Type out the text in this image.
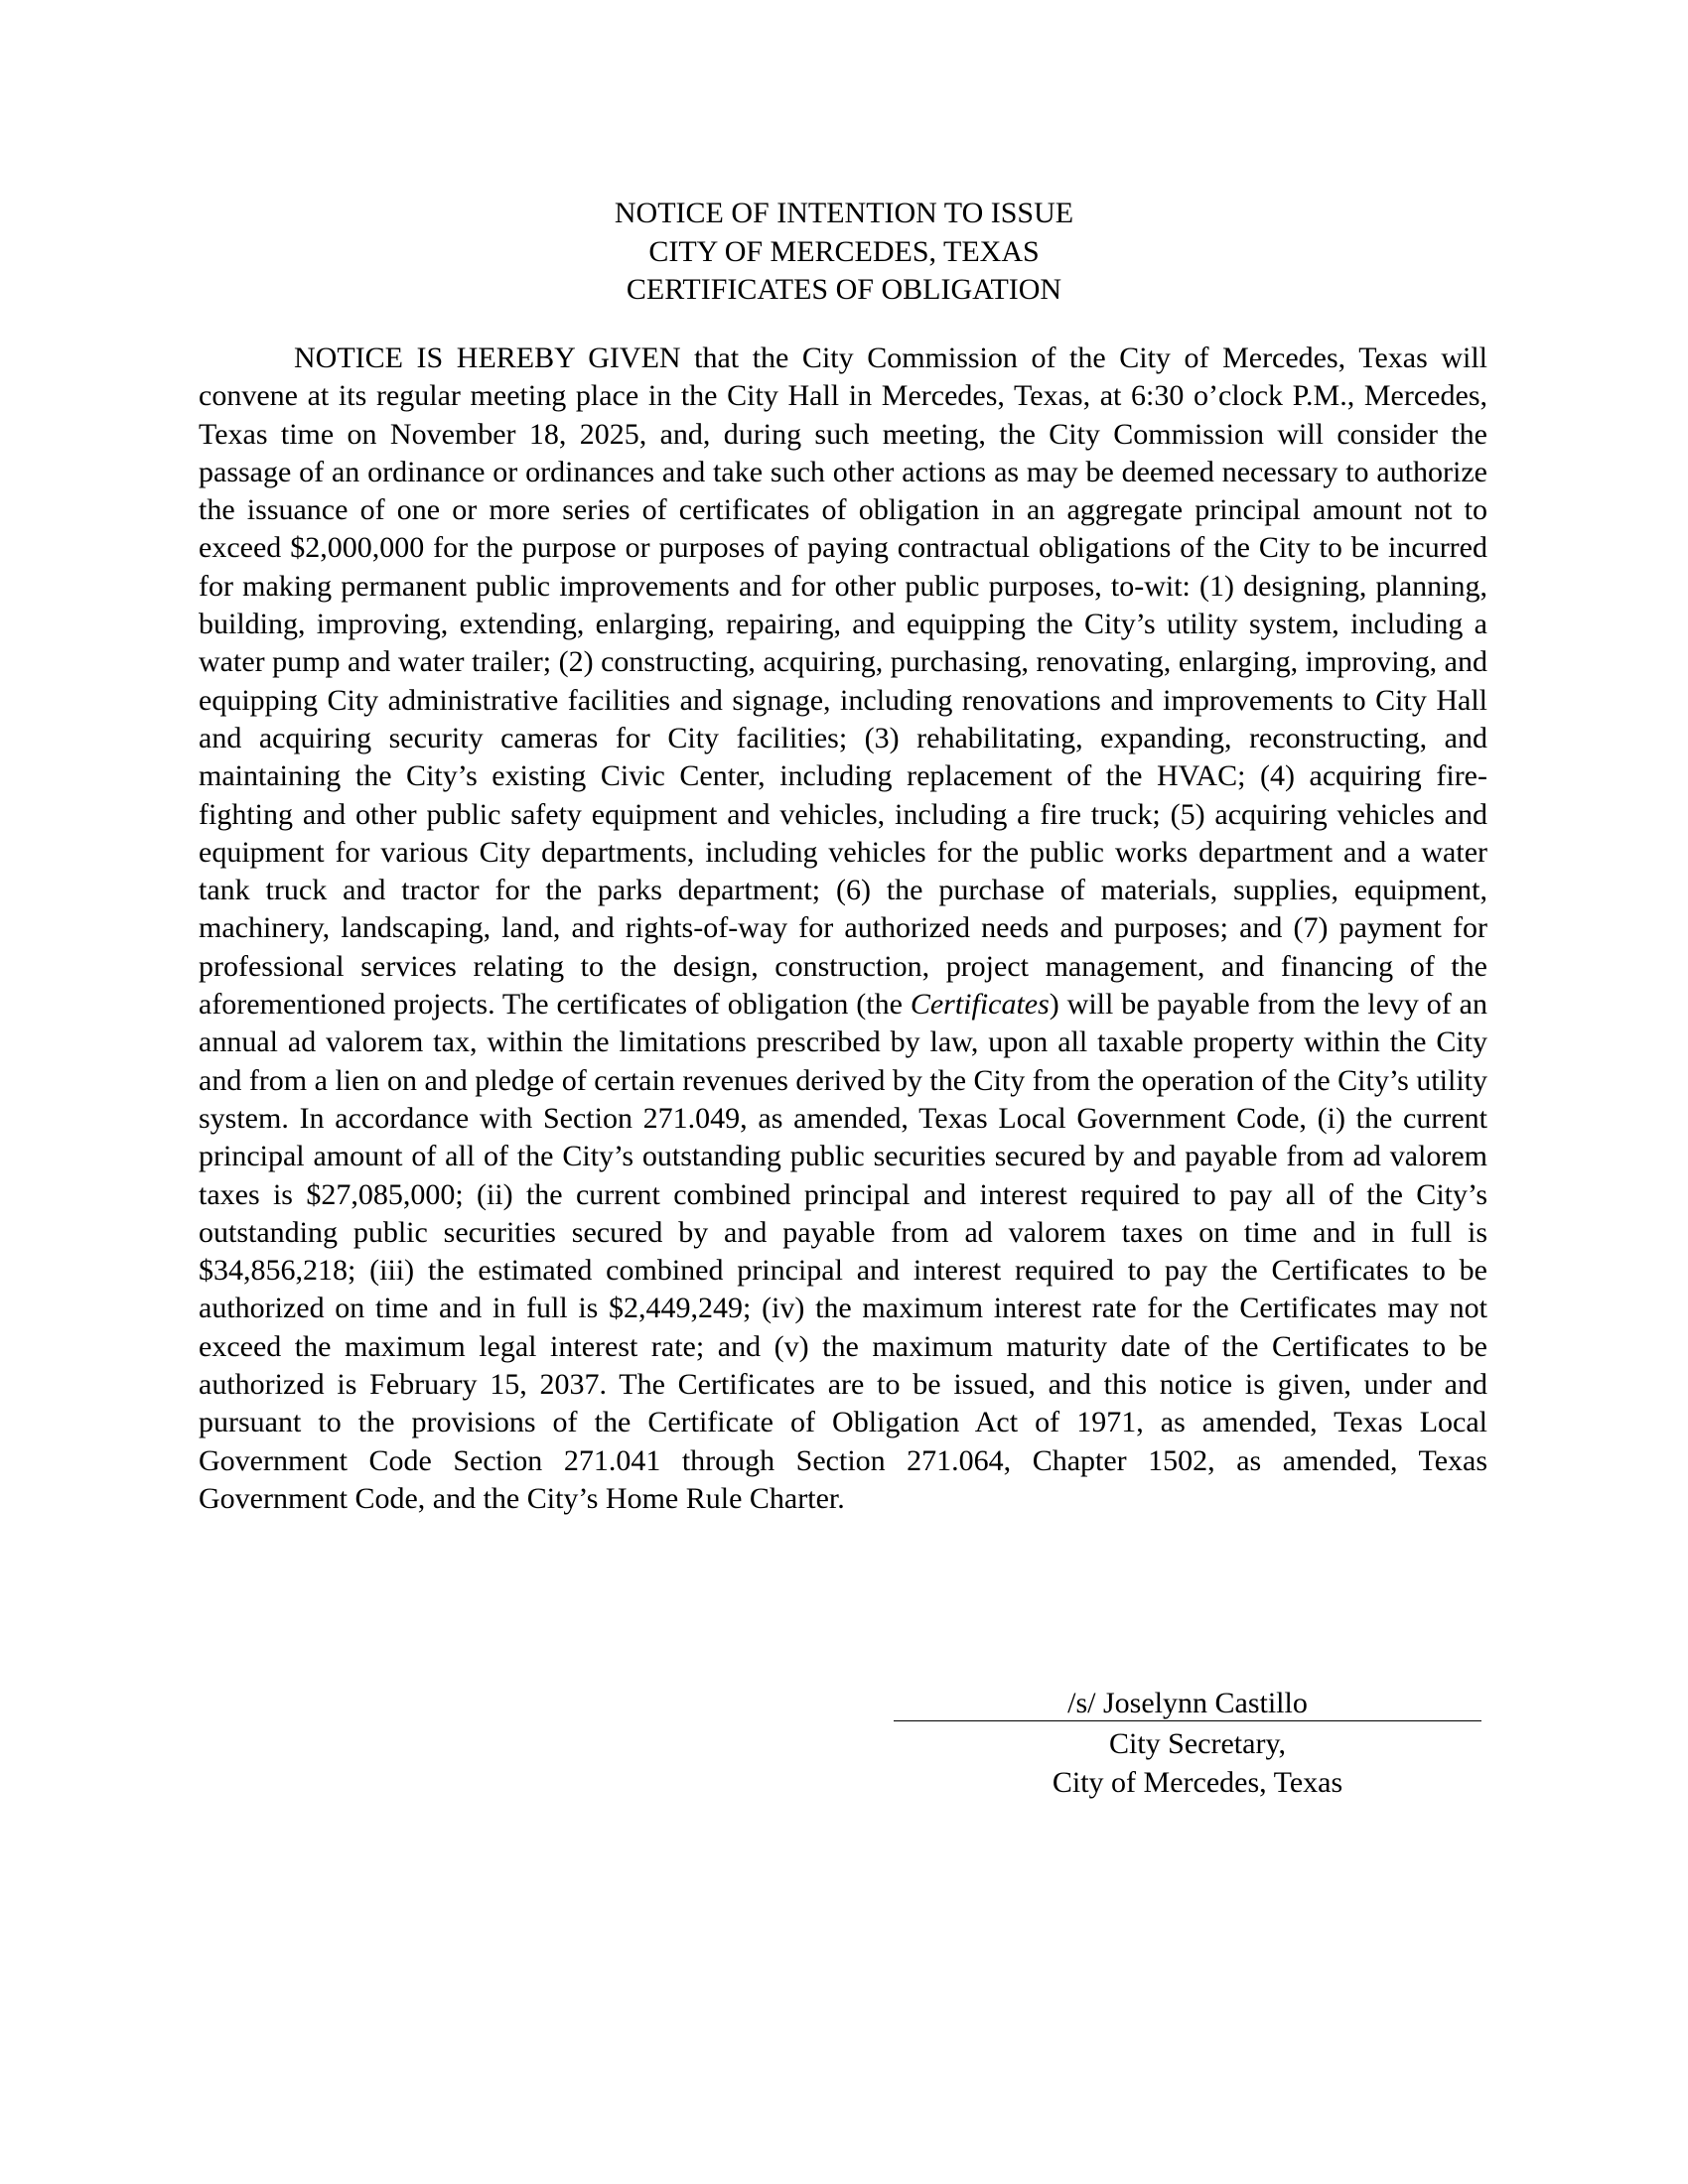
NOTICE OF INTENTION TO ISSUE
CITY OF MERCEDES, TEXAS
CERTIFICATES OF OBLIGATION

NOTICE IS HEREBY GIVEN that the City Commission of the City of Mercedes, Texas will convene at its regular meeting place in the City Hall in Mercedes, Texas, at 6:30 o’clock P.M., Mercedes, Texas time on November 18, 2025, and, during such meeting, the City Commission will consider the passage of an ordinance or ordinances and take such other actions as may be deemed necessary to authorize the issuance of one or more series of certificates of obligation in an aggregate principal amount not to exceed $2,000,000 for the purpose or purposes of paying contractual obligations of the City to be incurred for making permanent public improvements and for other public purposes, to-wit: (1) designing, planning, building, improving, extending, enlarging, repairing, and equipping the City’s utility system, including a water pump and water trailer; (2) constructing, acquiring, purchasing, renovating, enlarging, improving, and equipping City administrative facilities and signage, including renovations and improvements to City Hall and acquiring security cameras for City facilities; (3) rehabilitating, expanding, reconstructing, and maintaining the City’s existing Civic Center, including replacement of the HVAC; (4) acquiring fire-fighting and other public safety equipment and vehicles, including a fire truck; (5) acquiring vehicles and equipment for various City departments, including vehicles for the public works department and a water tank truck and tractor for the parks department; (6) the purchase of materials, supplies, equipment, machinery, landscaping, land, and rights-of-way for authorized needs and purposes; and (7) payment for professional services relating to the design, construction, project management, and financing of the aforementioned projects. The certificates of obligation (the Certificates) will be payable from the levy of an annual ad valorem tax, within the limitations prescribed by law, upon all taxable property within the City and from a lien on and pledge of certain revenues derived by the City from the operation of the City’s utility system. In accordance with Section 271.049, as amended, Texas Local Government Code, (i) the current principal amount of all of the City’s outstanding public securities secured by and payable from ad valorem taxes is $27,085,000; (ii) the current combined principal and interest required to pay all of the City’s outstanding public securities secured by and payable from ad valorem taxes on time and in full is $34,856,218; (iii) the estimated combined principal and interest required to pay the Certificates to be authorized on time and in full is $2,449,249; (iv) the maximum interest rate for the Certificates may not exceed the maximum legal interest rate; and (v) the maximum maturity date of the Certificates to be authorized is February 15, 2037. The Certificates are to be issued, and this notice is given, under and pursuant to the provisions of the Certificate of Obligation Act of 1971, as amended, Texas Local Government Code Section 271.041 through Section 271.064, Chapter 1502, as amended, Texas Government Code, and the City’s Home Rule Charter.

/s/ Joselynn Castillo
City Secretary,
City of Mercedes, Texas
